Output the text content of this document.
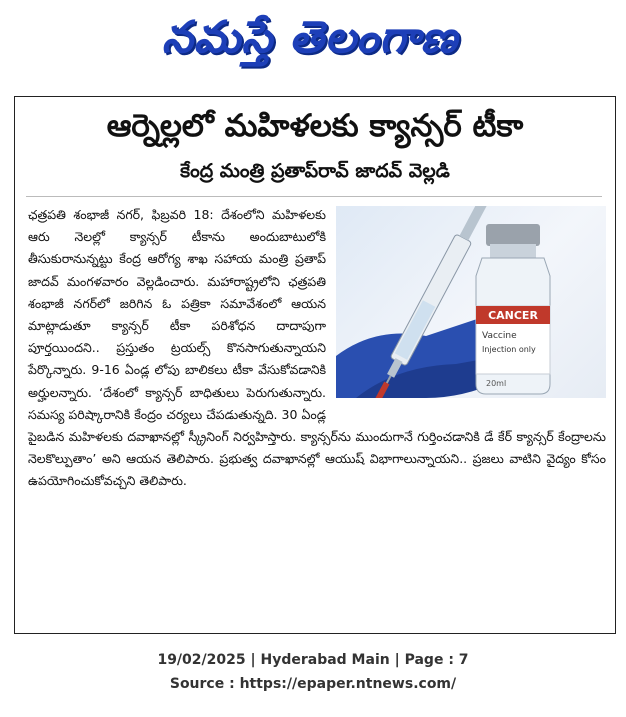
నమస్తే తెలంగాణ
ఆర్నెల్లలో మహిళలకు క్యాన్సర్ టీకా
కేంద్ర మంత్రి ప్రతాప్‌రావ్ జాదవ్ వెల్లడి
CANCER
Vaccine
Injection only
20ml
ఛత్రపతి శంభాజీ నగర్, ఫిబ్రవరి 18: దేశంలోని మహిళలకు ఆరు నెలల్లో క్యాన్సర్ టీకాను అందుబాటులోకి తీసుకురానున్నట్టు కేంద్ర ఆరోగ్య శాఖ సహాయ మంత్రి ప్రతాప్ జాదవ్ మంగళవారం వెల్లడించారు. మహారాష్ట్రలోని ఛత్రపతి శంభాజీ నగర్‌లో జరిగిన ఓ పత్రికా సమావేశంలో ఆయన మాట్లాడుతూ క్యాన్సర్ టీకా పరిశోధన దాదాపుగా పూర్తయిందని.. ప్రస్తుతం ట్రయల్స్ కొనసాగుతున్నాయని పేర్కొన్నారు. 9-16 ఏండ్ల లోపు బాలికలు టీకా వేసుకోవడానికి అర్హులన్నారు. ‘దేశంలో క్యాన్సర్ బాధితులు పెరుగుతున్నారు. సమస్య పరిష్కారానికి కేంద్రం చర్యలు చేపడుతున్నది. 30 ఏండ్ల పైబడిన మహిళలకు దవాఖానల్లో స్క్రీనింగ్ నిర్వహిస్తారు. క్యాన్సర్‌ను ముందుగానే గుర్తించడానికి డే కేర్ క్యాన్సర్ కేంద్రాలను నెలకొల్పుతాం’ అని ఆయన తెలిపారు. ప్రభుత్వ దవాఖానల్లో ఆయుష్ విభాగాలున్నాయని.. ప్రజలు వాటిని వైద్యం కోసం ఉపయోగించుకోవచ్చని తెలిపారు.
19/02/2025 | Hyderabad Main | Page : 7
Source : https://epaper.ntnews.com/
